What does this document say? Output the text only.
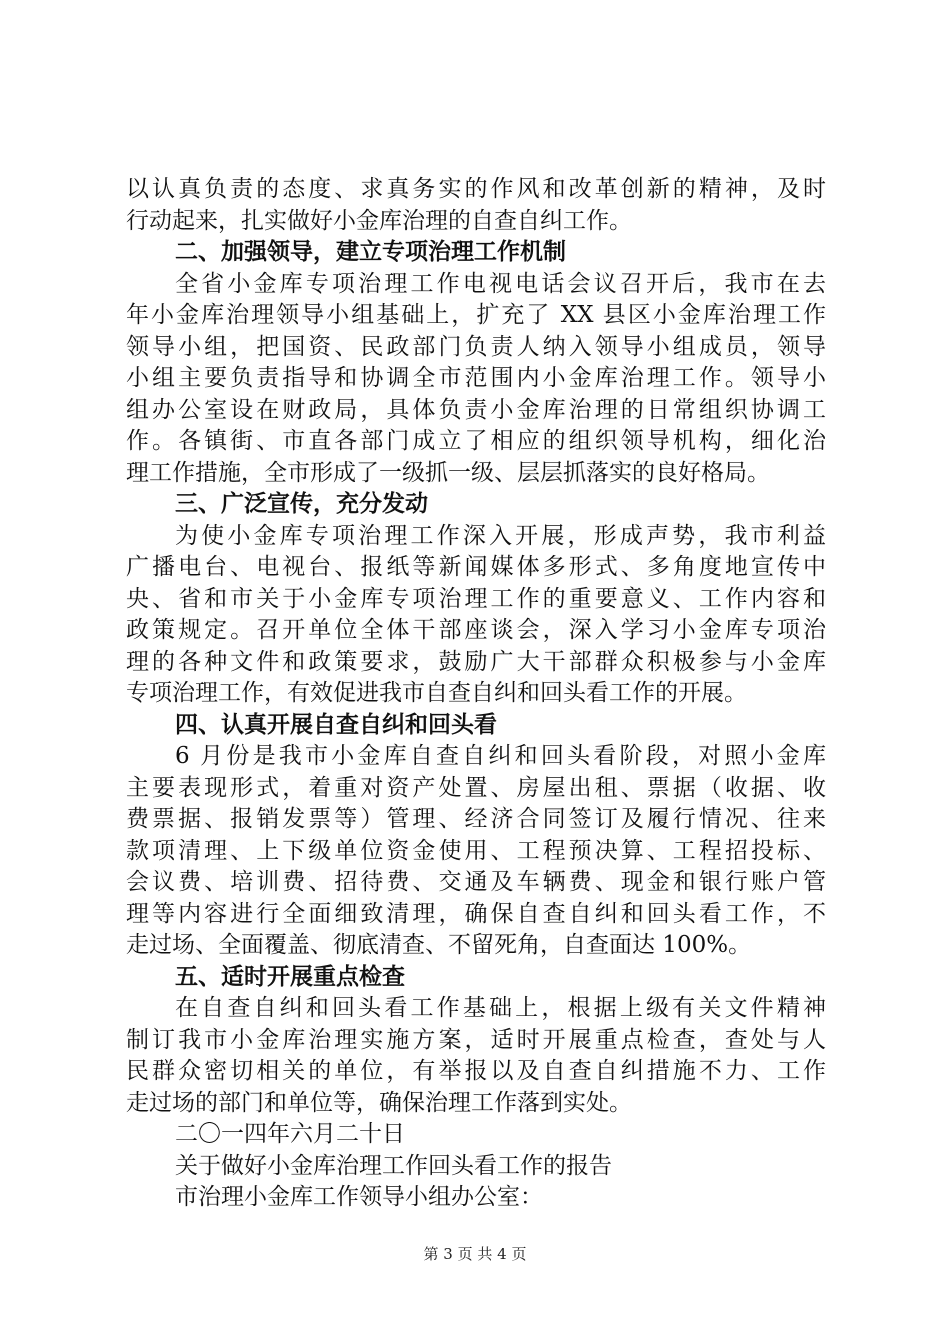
以认真负责的态度、求真务实的作风和改革创新的精神，及时
行动起来，扎实做好小金库治理的自查自纠工作。
二、加强领导，建立专项治理工作机制
全省小金库专项治理工作电视电话会议召开后，我市在去
年小金库治理领导小组基础上，扩充了 XX 县区小金库治理工作
领导小组，把国资、民政部门负责人纳入领导小组成员，领导
小组主要负责指导和协调全市范围内小金库治理工作。领导小
组办公室设在财政局，具体负责小金库治理的日常组织协调工
作。各镇街、市直各部门成立了相应的组织领导机构，细化治
理工作措施，全市形成了一级抓一级、层层抓落实的良好格局。
三、广泛宣传，充分发动
为使小金库专项治理工作深入开展，形成声势，我市利益
广播电台、电视台、报纸等新闻媒体多形式、多角度地宣传中
央、省和市关于小金库专项治理工作的重要意义、工作内容和
政策规定。召开单位全体干部座谈会，深入学习小金库专项治
理的各种文件和政策要求，鼓励广大干部群众积极参与小金库
专项治理工作，有效促进我市自查自纠和回头看工作的开展。
四、认真开展自查自纠和回头看
6 月份是我市小金库自查自纠和回头看阶段，对照小金库
主要表现形式，着重对资产处置、房屋出租、票据（收据、收
费票据、报销发票等）管理、经济合同签订及履行情况、往来
款项清理、上下级单位资金使用、工程预决算、工程招投标、
会议费、培训费、招待费、交通及车辆费、现金和银行账户管
理等内容进行全面细致清理，确保自查自纠和回头看工作，不
走过场、全面覆盖、彻底清查、不留死角，自查面达 100%。
五、适时开展重点检查
在自查自纠和回头看工作基础上，根据上级有关文件精神
制订我市小金库治理实施方案，适时开展重点检查，查处与人
民群众密切相关的单位，有举报以及自查自纠措施不力、工作
走过场的部门和单位等，确保治理工作落到实处。
二〇一四年六月二十日
关于做好小金库治理工作回头看工作的报告
市治理小金库工作领导小组办公室：
第 3 页 共 4 页
